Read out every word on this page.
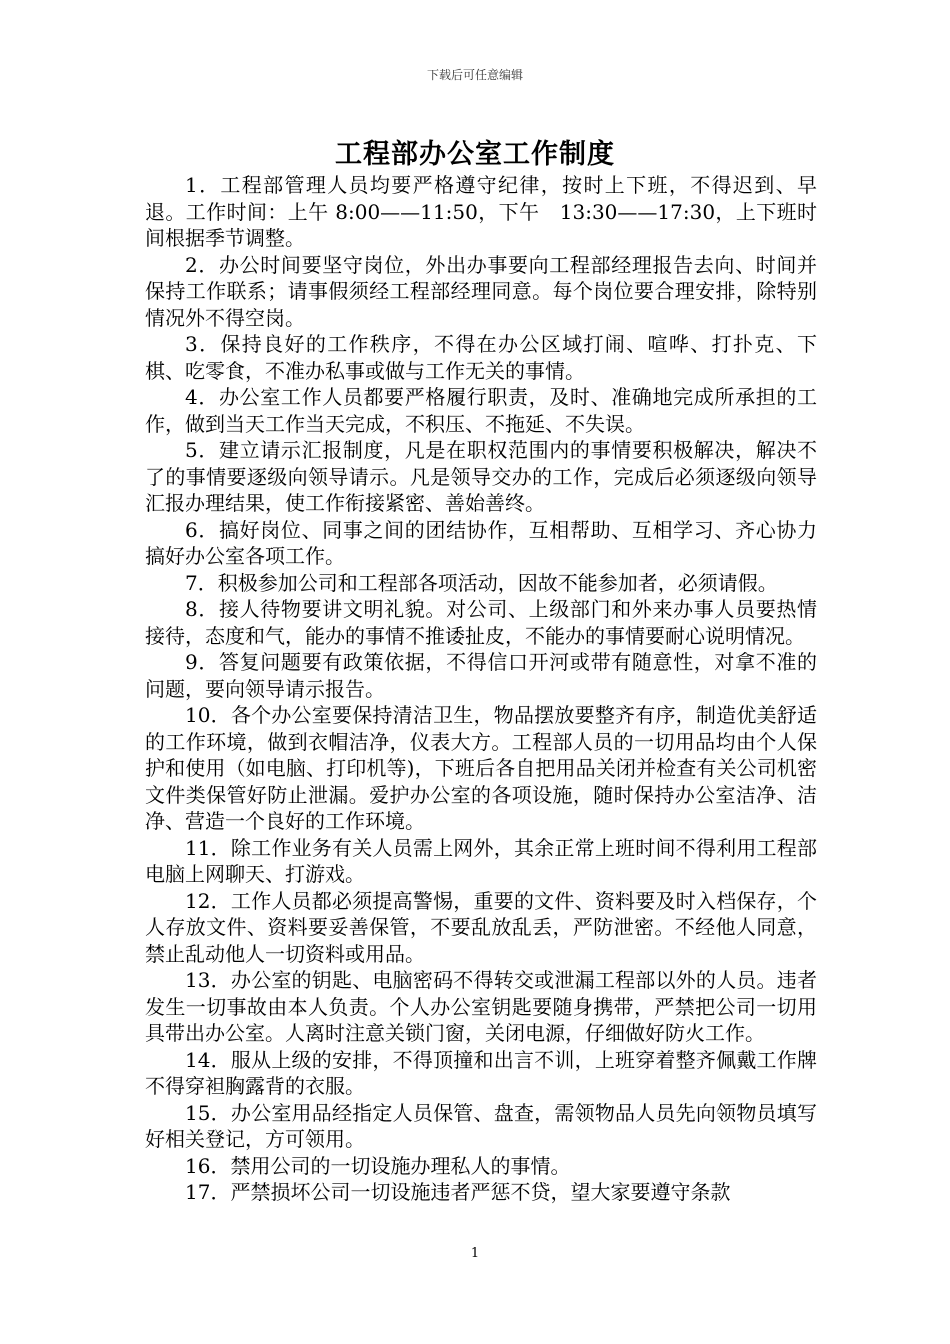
下载后可任意编辑
工程部办公室工作制度

1．工程部管理人员均要严格遵守纪律，按时上下班，不得迟到、早退。工作时间：上午 8:00——11:50，下午　13:30——17:30，上下班时间根据季节调整。

2．办公时间要坚守岗位，外出办事要向工程部经理报告去向、时间并保持工作联系；请事假须经工程部经理同意。每个岗位要合理安排，除特别情况外不得空岗。

3．保持良好的工作秩序，不得在办公区域打闹、喧哗、打扑克、下棋、吃零食，不准办私事或做与工作无关的事情。

4．办公室工作人员都要严格履行职责，及时、准确地完成所承担的工作，做到当天工作当天完成，不积压、不拖延、不失误。

5．建立请示汇报制度，凡是在职权范围内的事情要积极解决，解决不了的事情要逐级向领导请示。凡是领导交办的工作，完成后必须逐级向领导汇报办理结果，使工作衔接紧密、善始善终。

6．搞好岗位、同事之间的团结协作，互相帮助、互相学习、齐心协力搞好办公室各项工作。

7．积极参加公司和工程部各项活动，因故不能参加者，必须请假。

8．接人待物要讲文明礼貌。对公司、上级部门和外来办事人员要热情接待，态度和气，能办的事情不推诿扯皮，不能办的事情要耐心说明情况。

9．答复问题要有政策依据，不得信口开河或带有随意性，对拿不准的问题，要向领导请示报告。

10．各个办公室要保持清洁卫生，物品摆放要整齐有序，制造优美舒适的工作环境，做到衣帽洁净，仪表大方。工程部人员的一切用品均由个人保护和使用（如电脑、打印机等)，下班后各自把用品关闭并检查有关公司机密文件类保管好防止泄漏。爱护办公室的各项设施，随时保持办公室洁净、洁净、营造一个良好的工作环境。

11．除工作业务有关人员需上网外，其余正常上班时间不得利用工程部电脑上网聊天、打游戏。

12．工作人员都必须提高警惕，重要的文件、资料要及时入档保存，个人存放文件、资料要妥善保管，不要乱放乱丢，严防泄密。不经他人同意，禁止乱动他人一切资料或用品。

13．办公室的钥匙、电脑密码不得转交或泄漏工程部以外的人员。违者发生一切事故由本人负责。个人办公室钥匙要随身携带，严禁把公司一切用具带出办公室。人离时注意关锁门窗，关闭电源，仔细做好防火工作。

14．服从上级的安排，不得顶撞和出言不训，上班穿着整齐佩戴工作牌不得穿袒胸露背的衣服。

15．办公室用品经指定人员保管、盘查，需领物品人员先向领物员填写好相关登记，方可领用。

16．禁用公司的一切设施办理私人的事情。

17．严禁损坏公司一切设施违者严惩不贷，望大家要遵守条款

1
